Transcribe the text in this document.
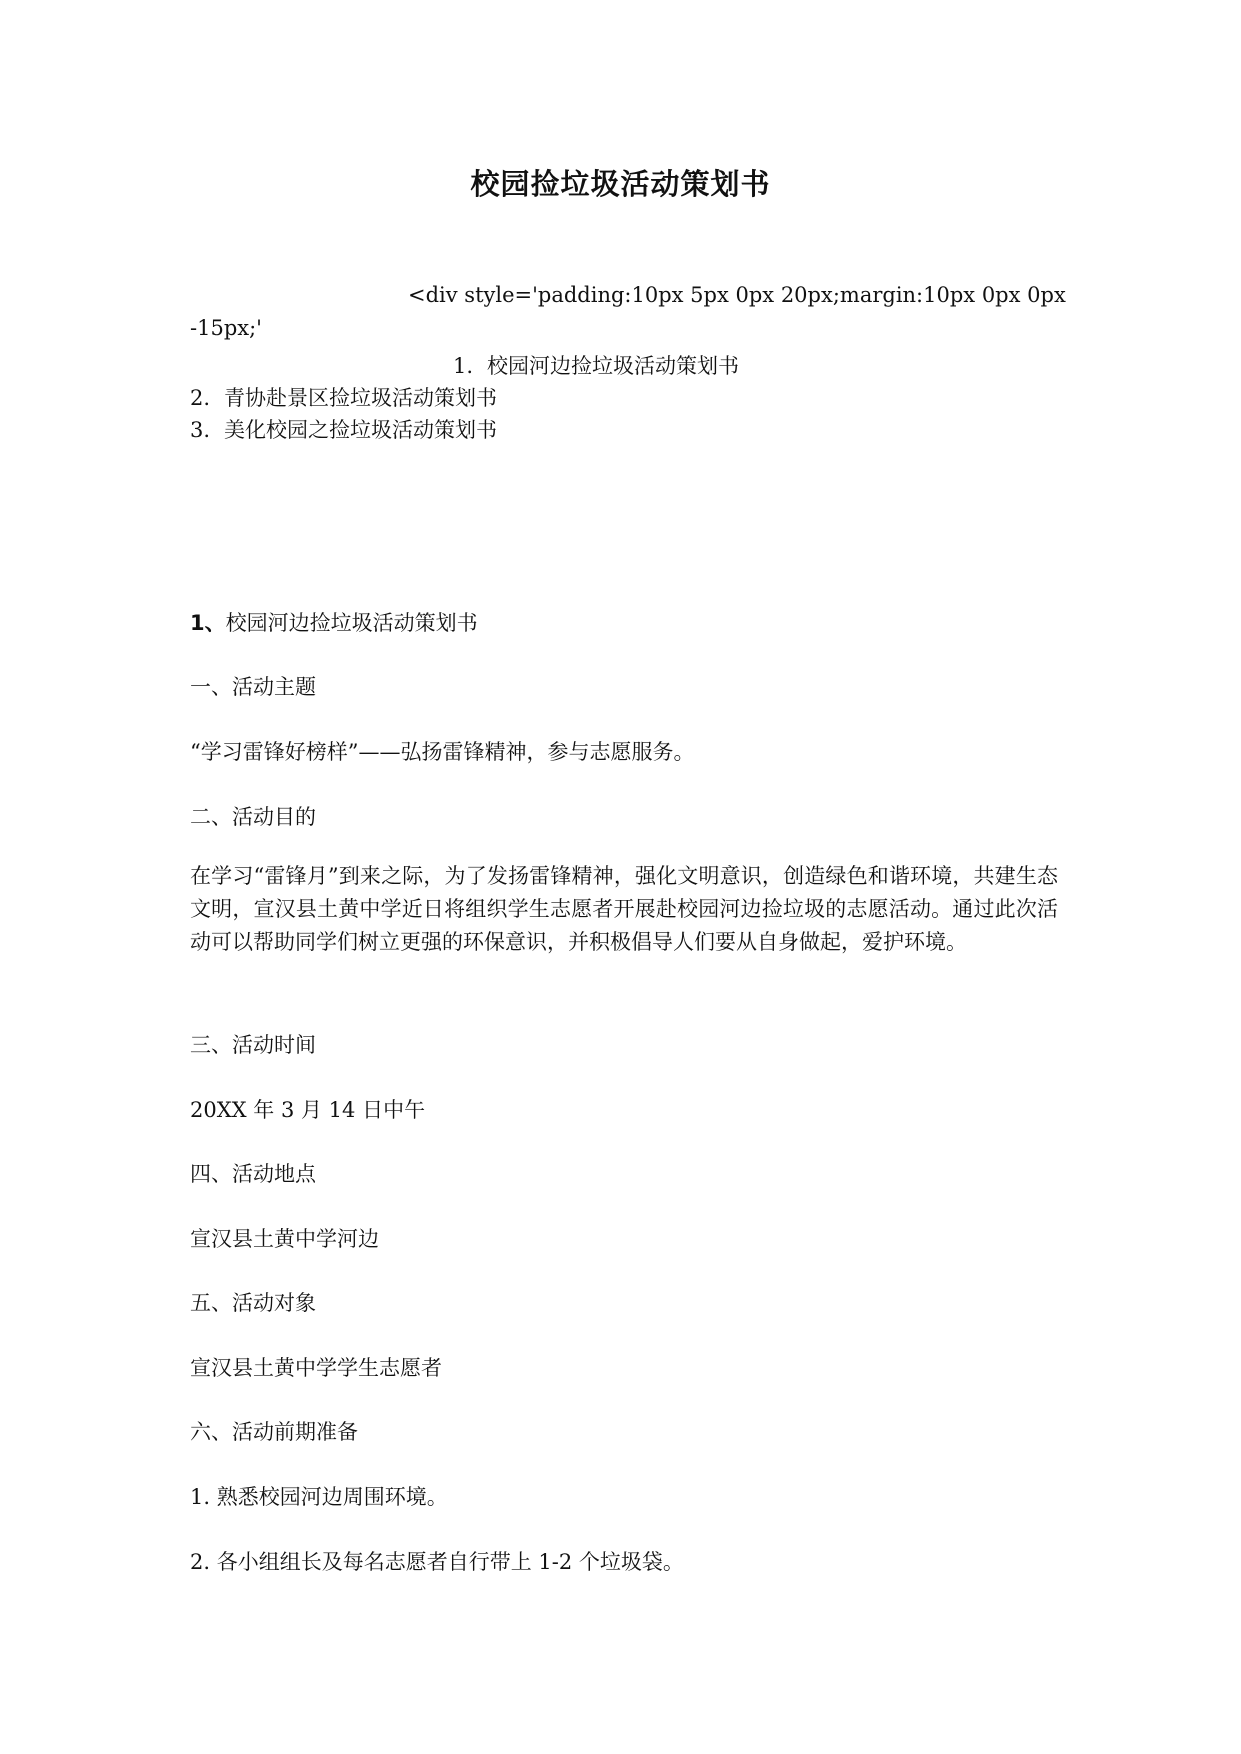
校园捡垃圾活动策划书
<div style='padding:10px 5px 0px 20px;margin:10px 0px 0px
-15px;'
1. 校园河边捡垃圾活动策划书
2. 青协赴景区捡垃圾活动策划书
3. 美化校园之捡垃圾活动策划书
1、校园河边捡垃圾活动策划书
一、活动主题
“学习雷锋好榜样”——弘扬雷锋精神，参与志愿服务。
二、活动目的
在学习“雷锋月”到来之际，为了发扬雷锋精神，强化文明意识，创造绿色和谐环境，共建生态文明，宣汉县土黄中学近日将组织学生志愿者开展赴校园河边捡垃圾的志愿活动。通过此次活动可以帮助同学们树立更强的环保意识，并积极倡导人们要从自身做起，爱护环境。
三、活动时间
20XX 年 3 月 14 日中午
四、活动地点
宣汉县土黄中学河边
五、活动对象
宣汉县土黄中学学生志愿者
六、活动前期准备
1. 熟悉校园河边周围环境。
2. 各小组组长及每名志愿者自行带上 1-2 个垃圾袋。
